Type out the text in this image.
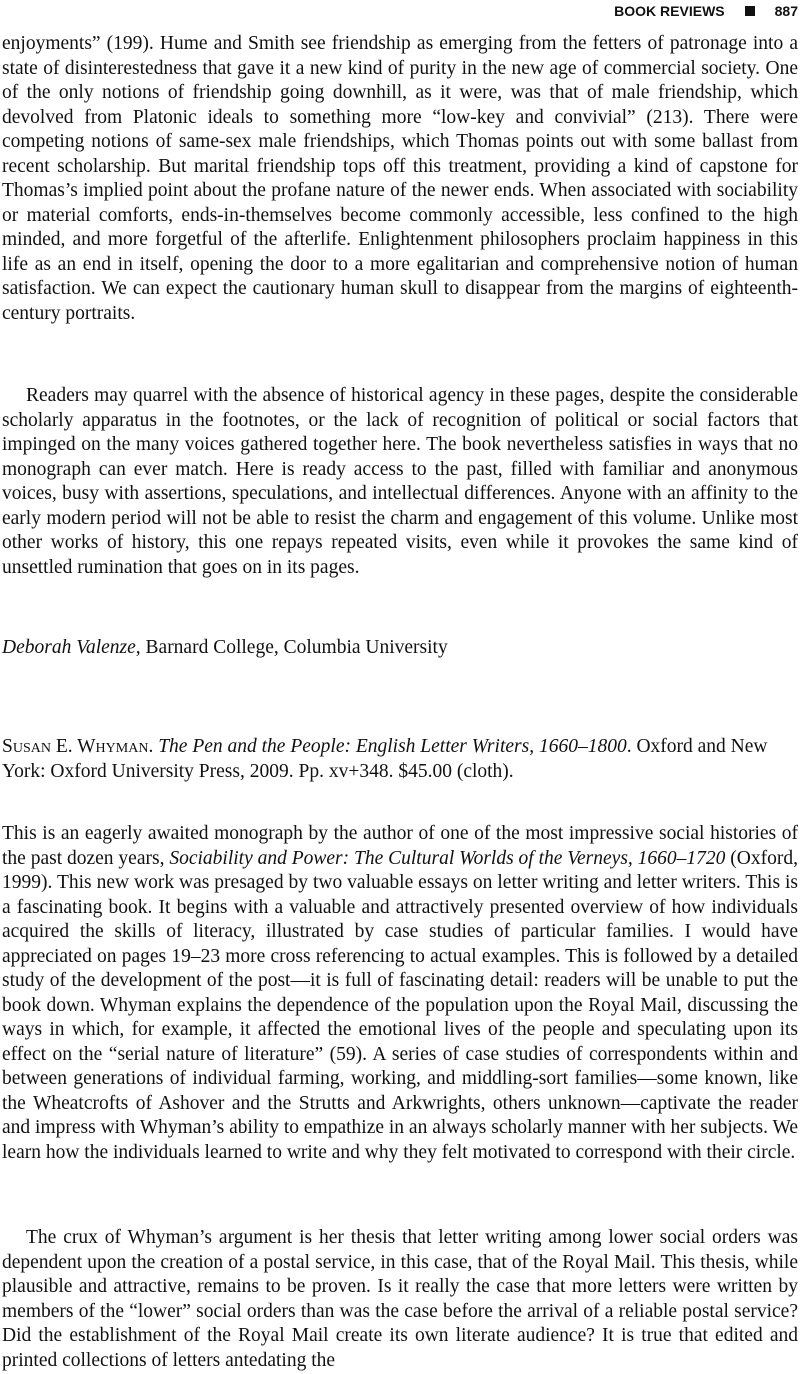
BOOK REVIEWS	887

enjoyments” (199). Hume and Smith see friendship as emerging from the fetters of patronage into a state of disinterestedness that gave it a new kind of purity in the new age of commercial society. One of the only notions of friendship going downhill, as it were, was that of male friendship, which devolved from Platonic ideals to something more “low-key and convivial” (213). There were competing notions of same-sex male friendships, which Thomas points out with some ballast from recent scholarship. But marital friendship tops off this treatment, providing a kind of capstone for Thomas’s implied point about the profane nature of the newer ends. When associated with sociability or material comforts, ends-in-themselves become commonly accessible, less confined to the high minded, and more forgetful of the afterlife. Enlightenment philosophers proclaim happiness in this life as an end in itself, opening the door to a more egalitarian and comprehensive notion of human satisfaction. We can expect the cautionary human skull to disappear from the margins of eighteenth-century portraits.

Readers may quarrel with the absence of historical agency in these pages, despite the considerable scholarly apparatus in the footnotes, or the lack of recognition of political or social factors that impinged on the many voices gathered together here. The book nevertheless satisfies in ways that no monograph can ever match. Here is ready access to the past, filled with familiar and anonymous voices, busy with assertions, speculations, and intellectual differences. Anyone with an affinity to the early modern period will not be able to resist the charm and engagement of this volume. Unlike most other works of history, this one repays repeated visits, even while it provokes the same kind of unsettled rumination that goes on in its pages.

Deborah Valenze, Barnard College, Columbia University

Susan E. Whyman. The Pen and the People: English Letter Writers, 1660–1800. Oxford and New York: Oxford University Press, 2009. Pp. xv+348. $45.00 (cloth).

This is an eagerly awaited monograph by the author of one of the most impressive social histories of the past dozen years, Sociability and Power: The Cultural Worlds of the Verneys, 1660–1720 (Oxford, 1999). This new work was presaged by two valuable essays on letter writing and letter writers. This is a fascinating book. It begins with a valuable and attractively presented overview of how individuals acquired the skills of literacy, illustrated by case studies of particular families. I would have appreciated on pages 19–23 more cross referencing to actual examples. This is followed by a detailed study of the development of the post—it is full of fascinating detail: readers will be unable to put the book down. Whyman explains the dependence of the population upon the Royal Mail, discussing the ways in which, for example, it affected the emotional lives of the people and speculating upon its effect on the “serial nature of literature” (59). A series of case studies of correspondents within and between generations of individual farming, working, and middling-sort families—some known, like the Wheatcrofts of Ashover and the Strutts and Arkwrights, others unknown—captivate the reader and impress with Whyman’s ability to empathize in an always scholarly manner with her subjects. We learn how the individuals learned to write and why they felt motivated to correspond with their circle.

The crux of Whyman’s argument is her thesis that letter writing among lower social orders was dependent upon the creation of a postal service, in this case, that of the Royal Mail. This thesis, while plausible and attractive, remains to be proven. Is it really the case that more letters were written by members of the “lower” social orders than was the case before the arrival of a reliable postal service? Did the establishment of the Royal Mail create its own literate audience? It is true that edited and printed collections of letters antedating the
